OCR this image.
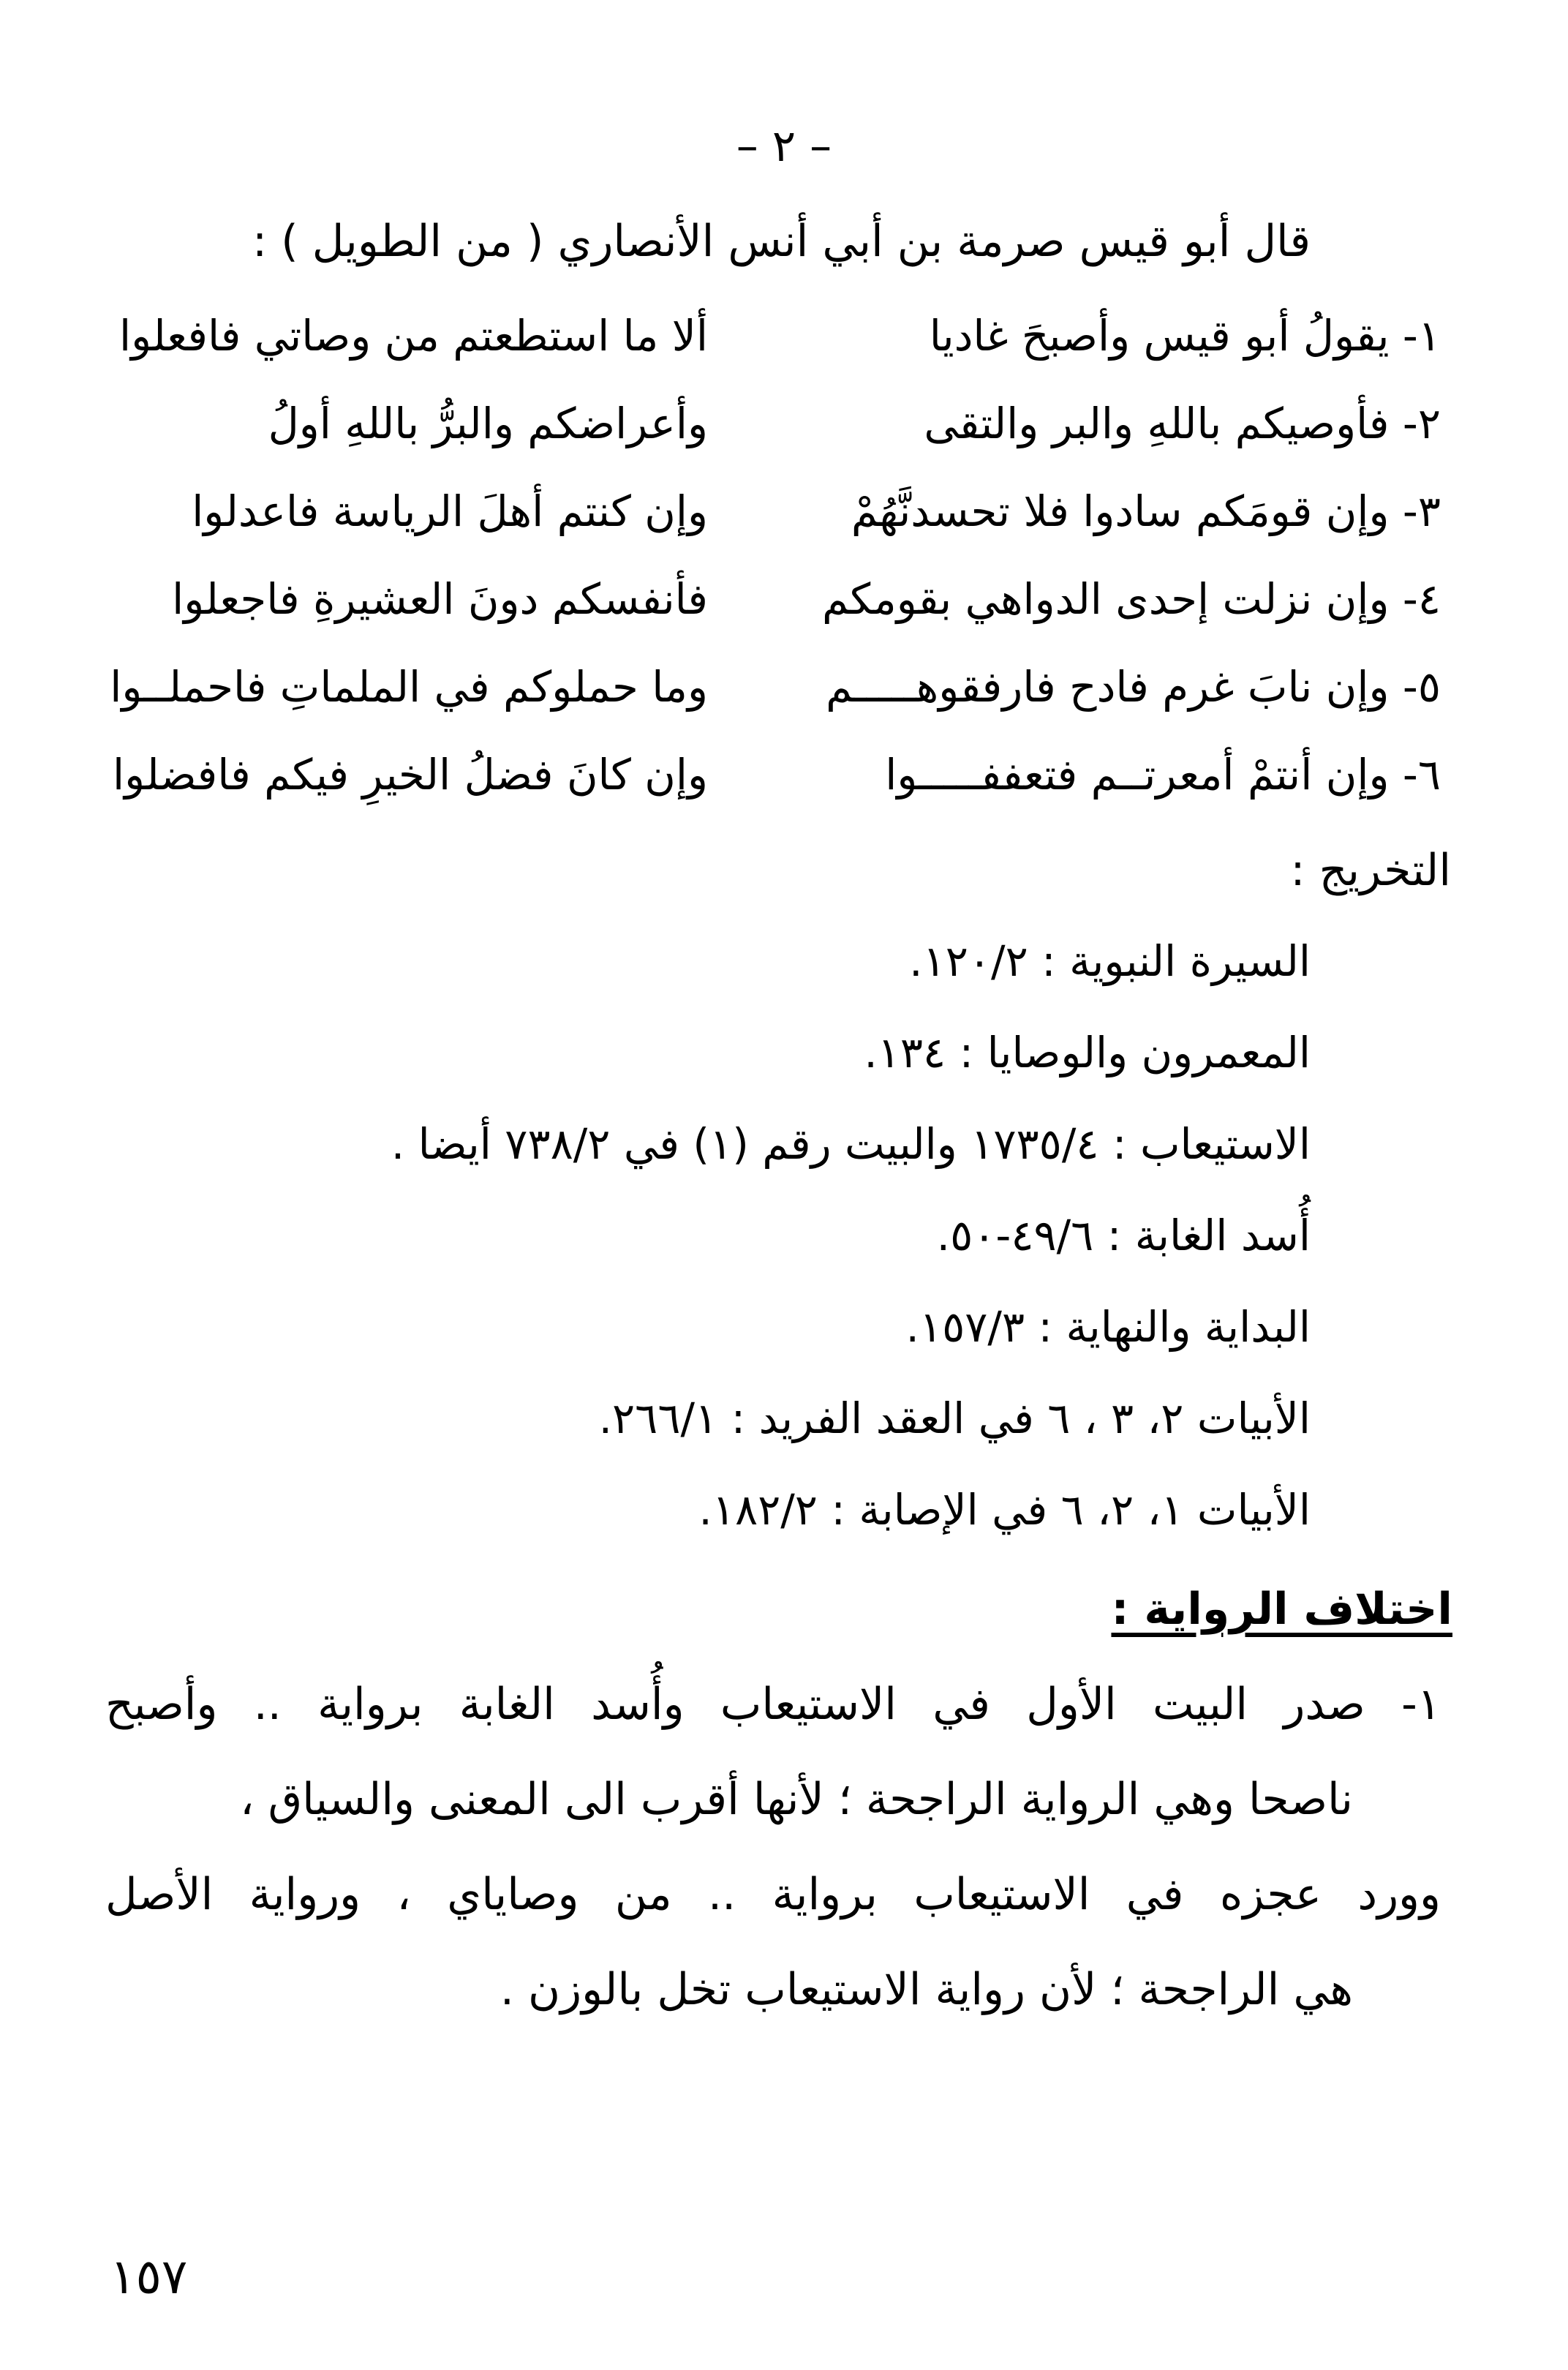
– ٢ –
قال أبو قيس صرمة بن أبي أنس الأنصاري ( من الطويل ) :
١- يقولُ أبو قيس وأصبحَ غاديا
ألا ما استطعتم من وصاتي فافعلوا
٢- فأوصيكم باللهِ والبر والتقى
وأعراضكم والبرُّ باللهِ أولُ
٣- وإن قومَكم سادوا فلا تحسدنَّهُمْ
وإن كنتم أهلَ الرياسة فاعدلوا
٤- وإن نزلت إحدى الدواهي بقومكم
فأنفسكم دونَ العشيرةِ فاجعلوا
٥- وإن نابَ غرم فادح فارفقوهـــــم
وما حملوكم في الملماتِ فاحملــوا
٦- وإن أنتمْ أمعرتــم فتعففـــــوا
وإن كانَ فضلُ الخيرِ فيكم فافضلوا
التخريج :
السيرة النبوية : ١٢٠/٢.
المعمرون والوصايا : ١٣٤.
الاستيعاب : ١٧٣٥/٤ والبيت رقم (١) في ٧٣٨/٢ أيضا .
أُسد الغابة : ٤٩/٦-٥٠.
البداية والنهاية : ١٥٧/٣.
الأبيات ٢، ٣ ، ٦ في العقد الفريد : ٢٦٦/١.
الأبيات ١، ٢، ٦ في الإصابة : ١٨٢/٢.
اختلاف الرواية :
١- صدر البيت الأول في الاستيعاب وأُسد الغابة برواية .. وأصبح
ناصحا وهي الرواية الراجحة ؛ لأنها أقرب الى المعنى والسياق ،
وورد عجزه في الاستيعاب برواية .. من وصاياي ، ورواية الأصل
هي الراجحة ؛ لأن رواية الاستيعاب تخل بالوزن .
١٥٧
